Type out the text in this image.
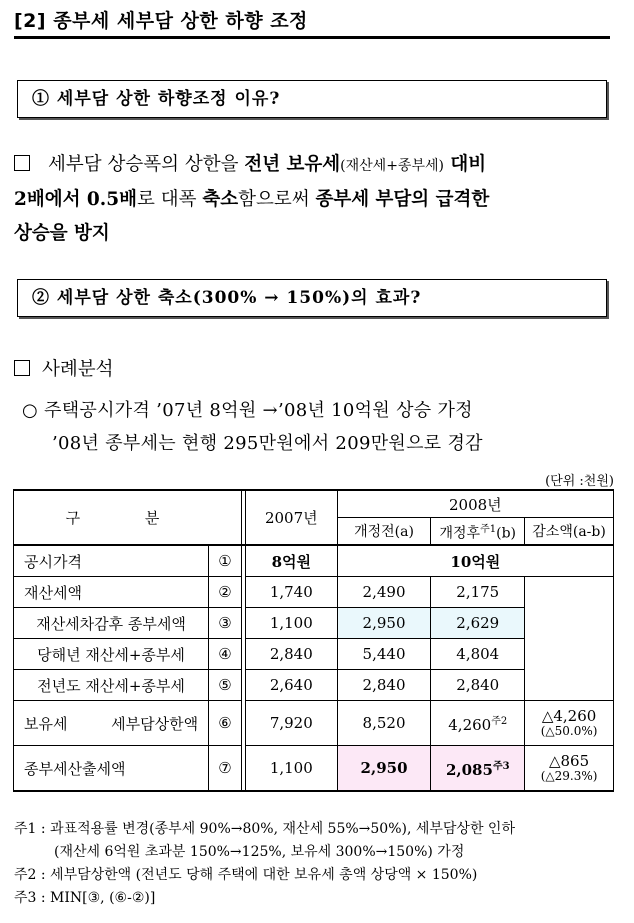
[2] 종부세 세부담 상한 하향 조정
① 세부담 상한 하향조정 이유?
세부담 상승폭의 상한을 전년 보유세(재산세+종부세) 대비
2배에서 0.5배로 대폭 축소함으로써 종부세 부담의 급격한
상승을 방지
② 세부담 상한 축소(300% → 150%)의 효과?
사례분석
○ 주택공시가격 ’07년 8억원 →’08년 10억원 상승 가정
’08년 종부세는 현행 295만원에서 209만원으로 경감
(단위 :천원)
구 분			2007년	2008년		
				개정전(a)	개정후$^{주1}$(b)	감소액(a-b)
공시가격	①		8억원	10억원		
재산세액	②		1,740	2,490	2,175	
재산세차감후 종부세액	③		1,100	2,950	2,629	
당해년 재산세+종부세	④		2,840	5,440	4,804	
전년도 재산세+종부세	⑤		2,640	2,840	2,840	
보유세 세부담상한액	⑥		7,920	8,520	$4,260^{주2}$	△4,260
(△50.0%)
종부세산출세액	⑦		1,100	2,950	$2,085^{주3}$	△865
(△29.3%)
주1 : 과표적용률 변경(종부세 90%→80%, 재산세 55%→50%), 세부담상한 인하
(재산세 6억원 초과분 150%→125%, 보유세 300%→150%) 가정
주2 : 세부담상한액 (전년도 당해 주택에 대한 보유세 총액 상당액 × 150%)
주3 : MIN[③, (⑥-②)]
